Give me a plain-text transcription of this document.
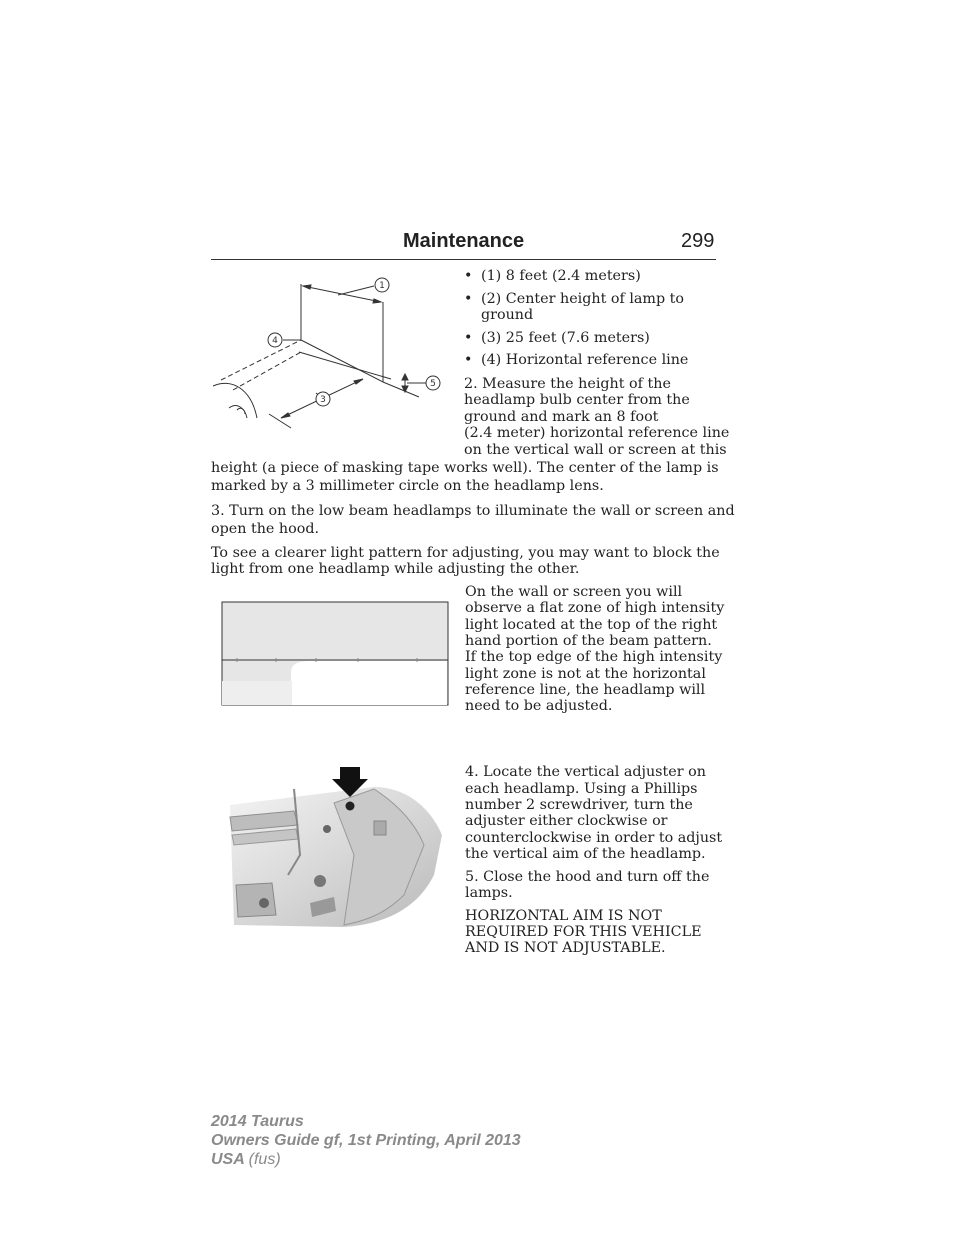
Maintenance	299
1
4
5
3
• (1) 8 feet (2.4 meters)
• (2) Center height of lamp to ground
• (3) 25 feet (7.6 meters)
• (4) Horizontal reference line
2. Measure the height of the
headlamp bulb center from the
ground and mark an 8 foot
(2.4 meter) horizontal reference line
on the vertical wall or screen at this
height (a piece of masking tape works well). The center of the lamp is
marked by a 3 millimeter circle on the headlamp lens.
3. Turn on the low beam headlamps to illuminate the wall or screen and
open the hood.
To see a clearer light pattern for adjusting, you may want to block the
light from one headlamp while adjusting the other.
On the wall or screen you will
observe a flat zone of high intensity
light located at the top of the right
hand portion of the beam pattern.
If the top edge of the high intensity
light zone is not at the horizontal
reference line, the headlamp will
need to be adjusted.
4. Locate the vertical adjuster on
each headlamp. Using a Phillips
number 2 screwdriver, turn the
adjuster either clockwise or
counterclockwise in order to adjust
the vertical aim of the headlamp.
5. Close the hood and turn off the
lamps.
HORIZONTAL AIM IS NOT
REQUIRED FOR THIS VEHICLE
AND IS NOT ADJUSTABLE.
2014 Taurus
Owners Guide gf, 1st Printing, April 2013
USA (fus)
